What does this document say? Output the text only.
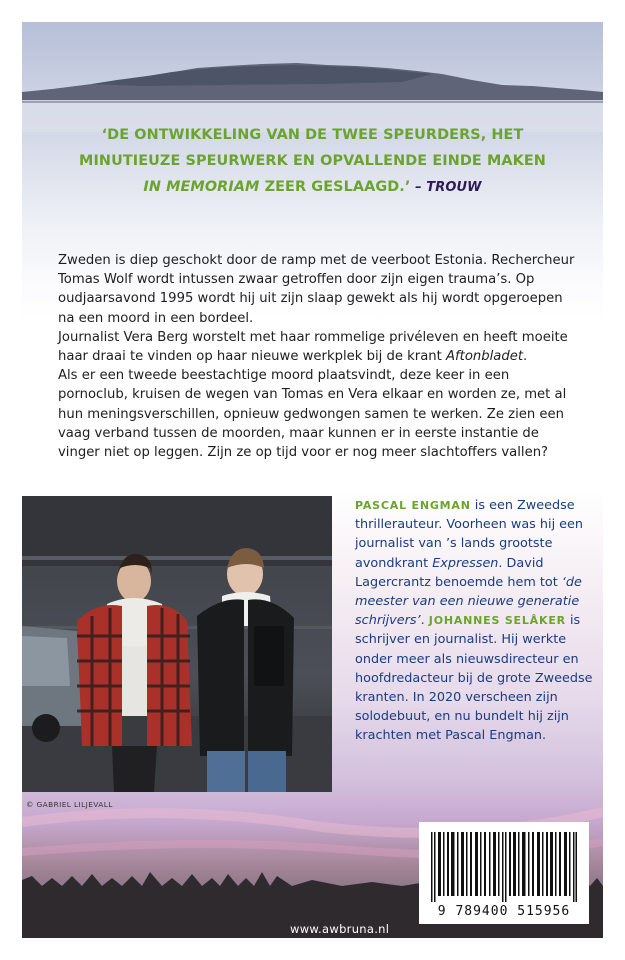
‘DE ONTWIKKELING VAN DE TWEE SPEURDERS, HET
MINUTIEUZE SPEURWERK EN OPVALLENDE EINDE MAKEN
IN MEMORIAM ZEER GESLAAGD.’ – TROUW

Zweden is diep geschokt door de ramp met de veerboot Estonia. Rechercheur Tomas Wolf wordt intussen zwaar getroffen door zijn eigen trauma’s. Op oudjaarsavond 1995 wordt hij uit zijn slaap gewekt als hij wordt opgeroepen na een moord in een bordeel.

Journalist Vera Berg worstelt met haar rommelige privéleven en heeft moeite haar draai te vinden op haar nieuwe werkplek bij de krant Aftonbladet.

Als er een tweede beestachtige moord plaatsvindt, deze keer in een pornoclub, kruisen de wegen van Tomas en Vera elkaar en worden ze, met al hun meningsverschillen, opnieuw gedwongen samen te werken. Ze zien een vaag verband tussen de moorden, maar kunnen er in eerste instantie de vinger niet op leggen. Zijn ze op tijd voor er nog meer slachtoffers vallen?

© GABRIEL LILJEVALL
PASCAL ENGMAN is een Zweedse thrillerauteur. Voorheen was hij een journalist van ’s lands grootste avondkrant Expressen. David Lagercrantz benoemde hem tot ‘de meester van een nieuwe generatie schrijvers’. JOHANNES SELÅKER is schrijver en journalist. Hij werkte onder meer als nieuwsdirecteur en hoofdredacteur bij de grote Zweedse kranten. In 2020 verscheen zijn solodebuut, en nu bundelt hij zijn krachten met Pascal Engman.
9 789400 515956
www.awbruna.nl
